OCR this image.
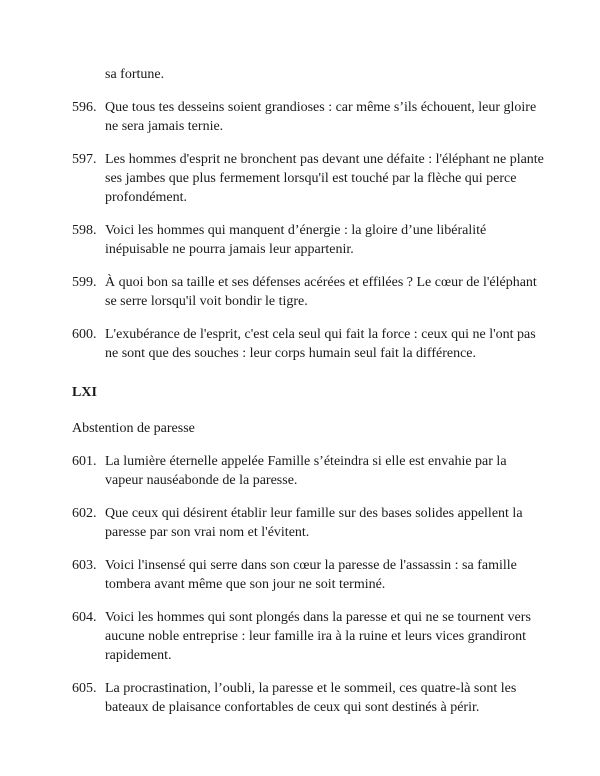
sa fortune.

596. Que tous tes desseins soient grandioses : car même s’ils échouent, leur gloire ne sera jamais ternie.
597. Les hommes d'esprit ne bronchent pas devant une défaite : l'éléphant ne plante ses jambes que plus fermement lorsqu'il est touché par la flèche qui perce profondément.
598. Voici les hommes qui manquent d’énergie : la gloire d’une libéralité inépuisable ne pourra jamais leur appartenir.
599. À quoi bon sa taille et ses défenses acérées et effilées ? Le cœur de l'éléphant se serre lorsqu'il voit bondir le tigre.
600. L'exubérance de l'esprit, c'est cela seul qui fait la force : ceux qui ne l'ont pas ne sont que des souches : leur corps humain seul fait la différence.
LXI

Abstention de paresse

601. La lumière éternelle appelée Famille s’éteindra si elle est envahie par la vapeur nauséabonde de la paresse.
602. Que ceux qui désirent établir leur famille sur des bases solides appellent la paresse par son vrai nom et l'évitent.
603. Voici l'insensé qui serre dans son cœur la paresse de l'assassin : sa famille tombera avant même que son jour ne soit terminé.
604. Voici les hommes qui sont plongés dans la paresse et qui ne se tournent vers aucune noble entreprise : leur famille ira à la ruine et leurs vices grandiront rapidement.
605. La procrastination, l’oubli, la paresse et le sommeil, ces quatre-là sont les bateaux de plaisance confortables de ceux qui sont destinés à périr.
